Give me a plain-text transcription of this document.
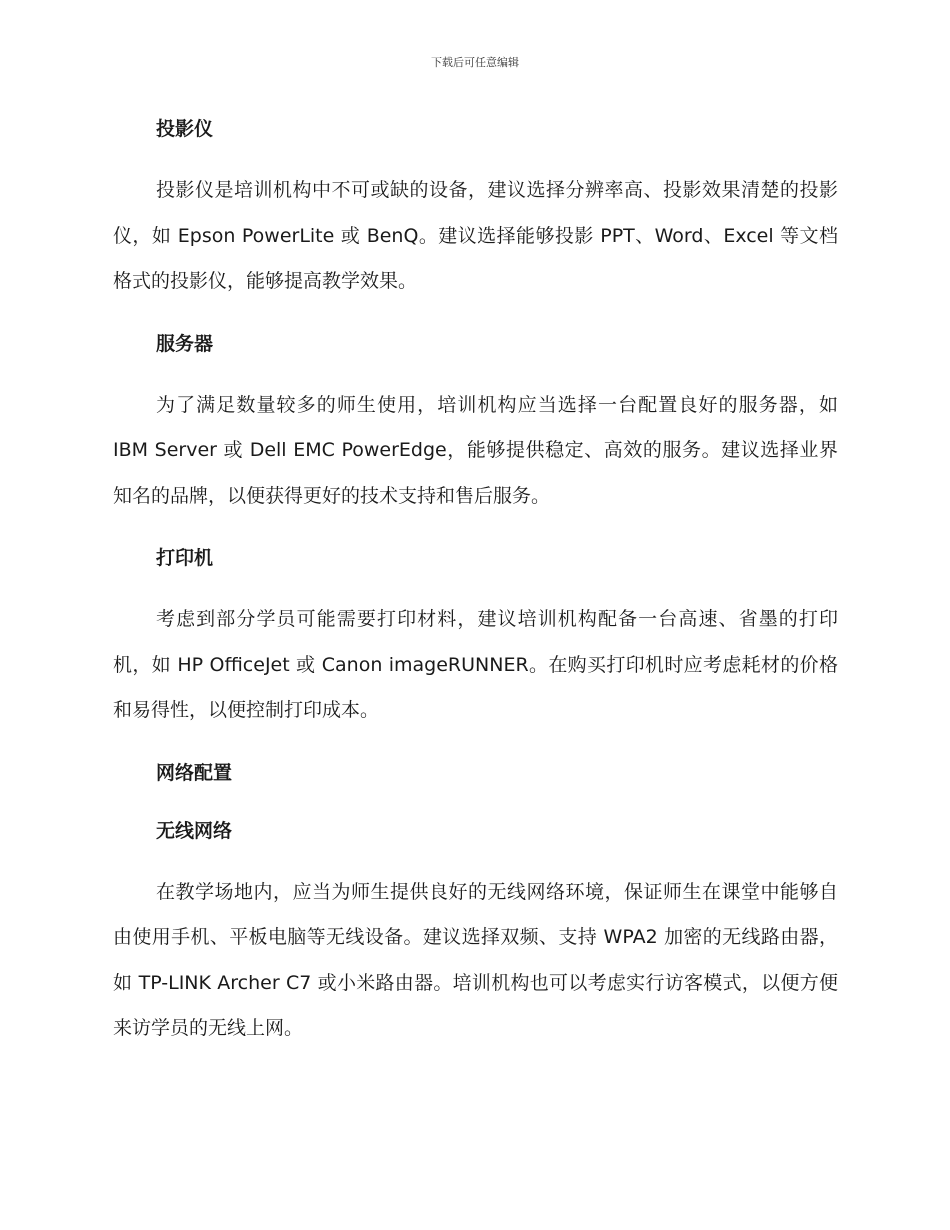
下载后可任意编辑
投影仪

投影仪是培训机构中不可或缺的设备，建议选择分辨率高、投影效果清楚的投影仪，如 Epson PowerLite 或 BenQ。建议选择能够投影 PPT、Word、Excel 等文档格式的投影仪，能够提高教学效果。

服务器

为了满足数量较多的师生使用，培训机构应当选择一台配置良好的服务器，如 IBM Server 或 Dell EMC PowerEdge，能够提供稳定、高效的服务。建议选择业界知名的品牌，以便获得更好的技术支持和售后服务。

打印机

考虑到部分学员可能需要打印材料，建议培训机构配备一台高速、省墨的打印机，如 HP OfficeJet 或 Canon imageRUNNER。在购买打印机时应考虑耗材的价格和易得性，以便控制打印成本。

网络配置
无线网络

在教学场地内，应当为师生提供良好的无线网络环境，保证师生在课堂中能够自由使用手机、平板电脑等无线设备。建议选择双频、支持 WPA2 加密的无线路由器，如 TP-LINK Archer C7 或小米路由器。培训机构也可以考虑实行访客模式，以便方便来访学员的无线上网。
